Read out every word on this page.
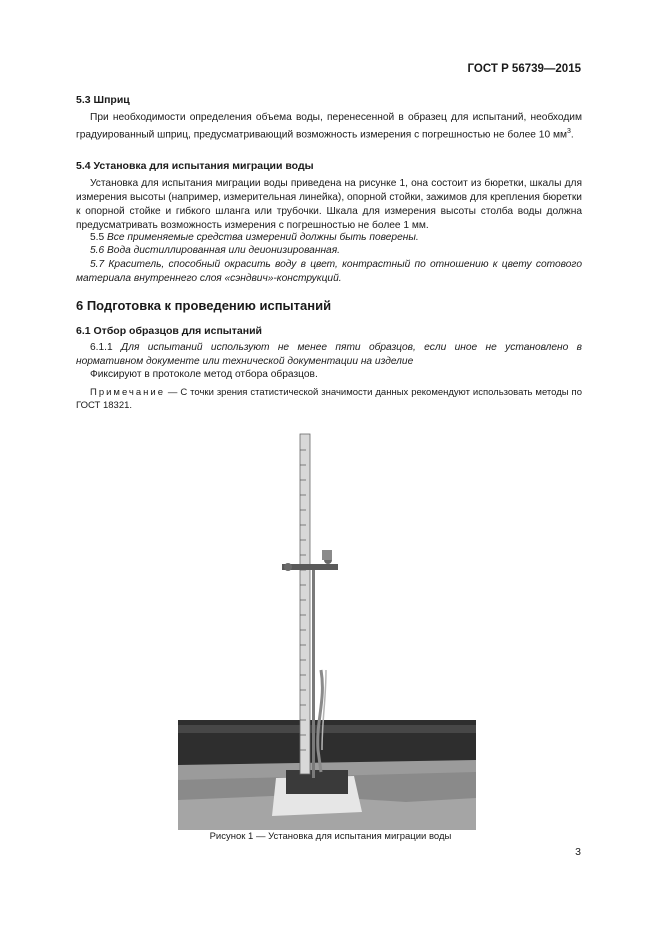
ГОСТ Р 56739—2015
5.3 Шприц
При необходимости определения объема воды, перенесенной в образец для испытаний, необходим градуированный шприц, предусматривающий возможность измерения с погрешностью не более 10 $мм^3$.
5.4 Установка для испытания миграции воды
Установка для испытания миграции воды приведена на рисунке 1, она состоит из бюретки, шкалы для измерения высоты (например, измерительная линейка), опорной стойки, зажимов для крепления бюретки к опорной стойке и гибкого шланга или трубочки. Шкала для измерения высоты столба воды должна предусматривать возможность измерения с погрешностью не более 1 мм.
5.5 Все применяемые средства измерений должны быть поверены.
5.6 Вода дистиллированная или деионизированная.
5.7 Краситель, способный окрасить воду в цвет, контрастный по отношению к цвету сотового материала внутреннего слоя «сэндвич»-конструкций.
6 Подготовка к проведению испытаний
6.1 Отбор образцов для испытаний
6.1.1 Для испытаний используют не менее пяти образцов, если иное не установлено в нормативном документе или технической документации на изделие
Фиксируют в протоколе метод отбора образцов.
Примечание — С точки зрения статистической значимости данных рекомендуют использовать методы по ГОСТ 18321.
Рисунок 1 — Установка для испытания миграции воды
3
